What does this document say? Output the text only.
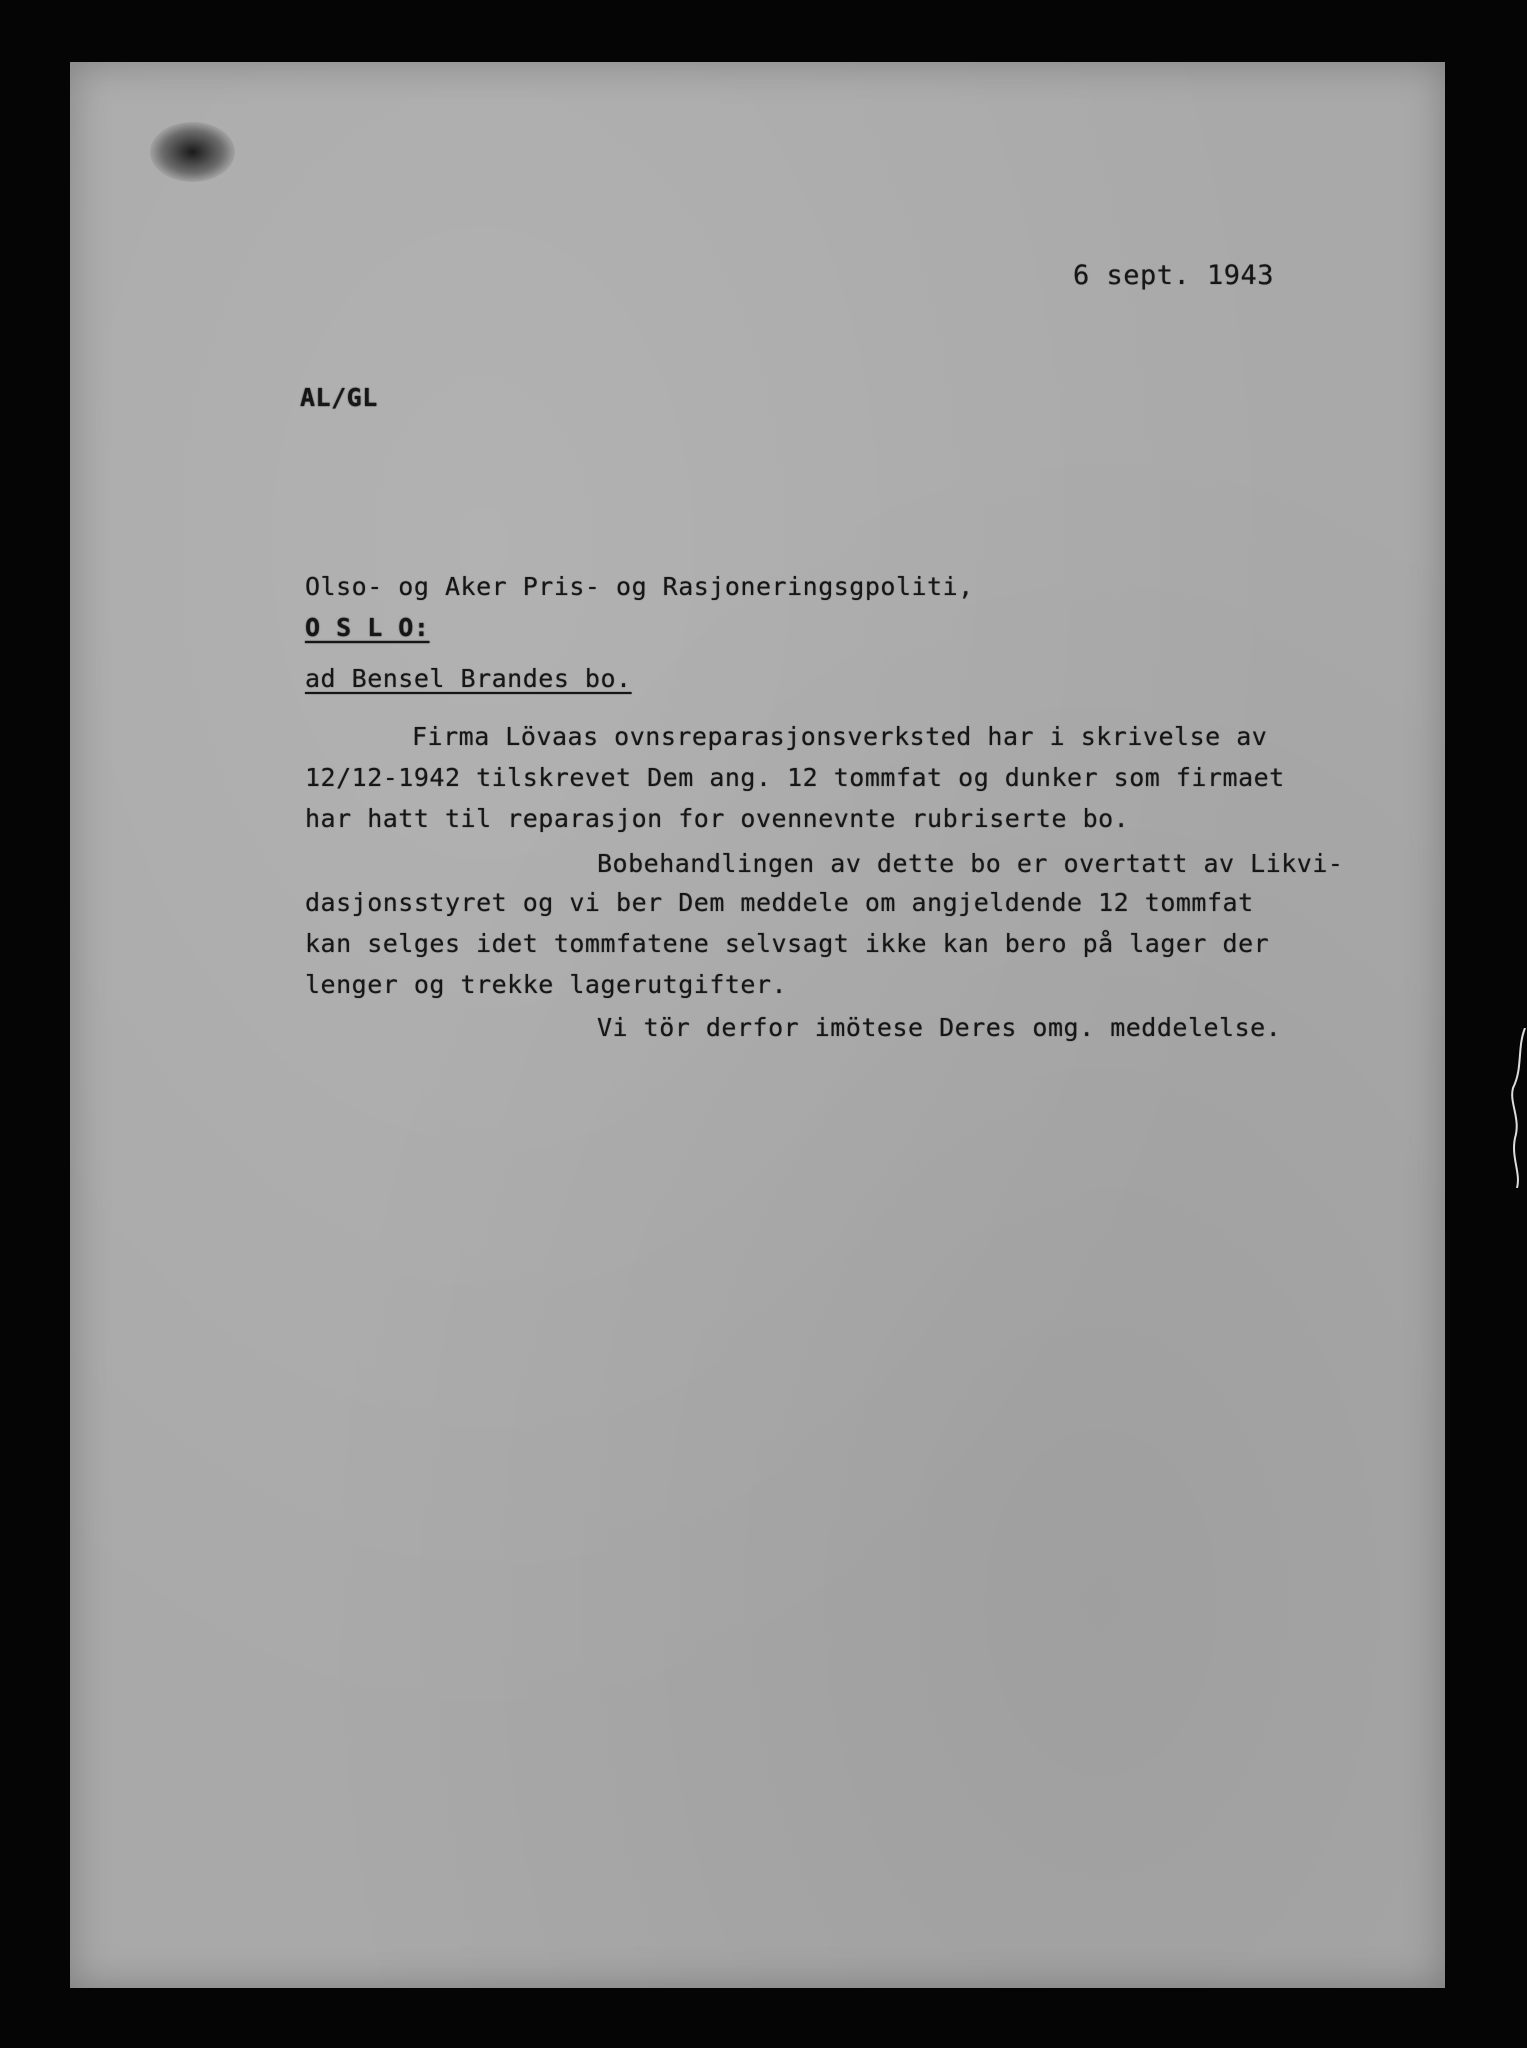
6 sept. 1943
AL/GL
Olso- og Aker Pris- og Rasjoneringsgpoliti,
O S L O:
ad Bensel Brandes bo.
Firma Lövaas ovnsreparasjonsverksted har i skrivelse av
12/12-1942 tilskrevet Dem ang. 12 tommfat og dunker som firmaet
har hatt til reparasjon for ovennevnte rubriserte bo.
Bobehandlingen av dette bo er overtatt av Likvi-
dasjonsstyret og vi ber Dem meddele om angjeldende 12 tommfat
kan selges idet tommfatene selvsagt ikke kan bero på lager der
lenger og trekke lagerutgifter.
Vi tör derfor imötese Deres omg. meddelelse.
